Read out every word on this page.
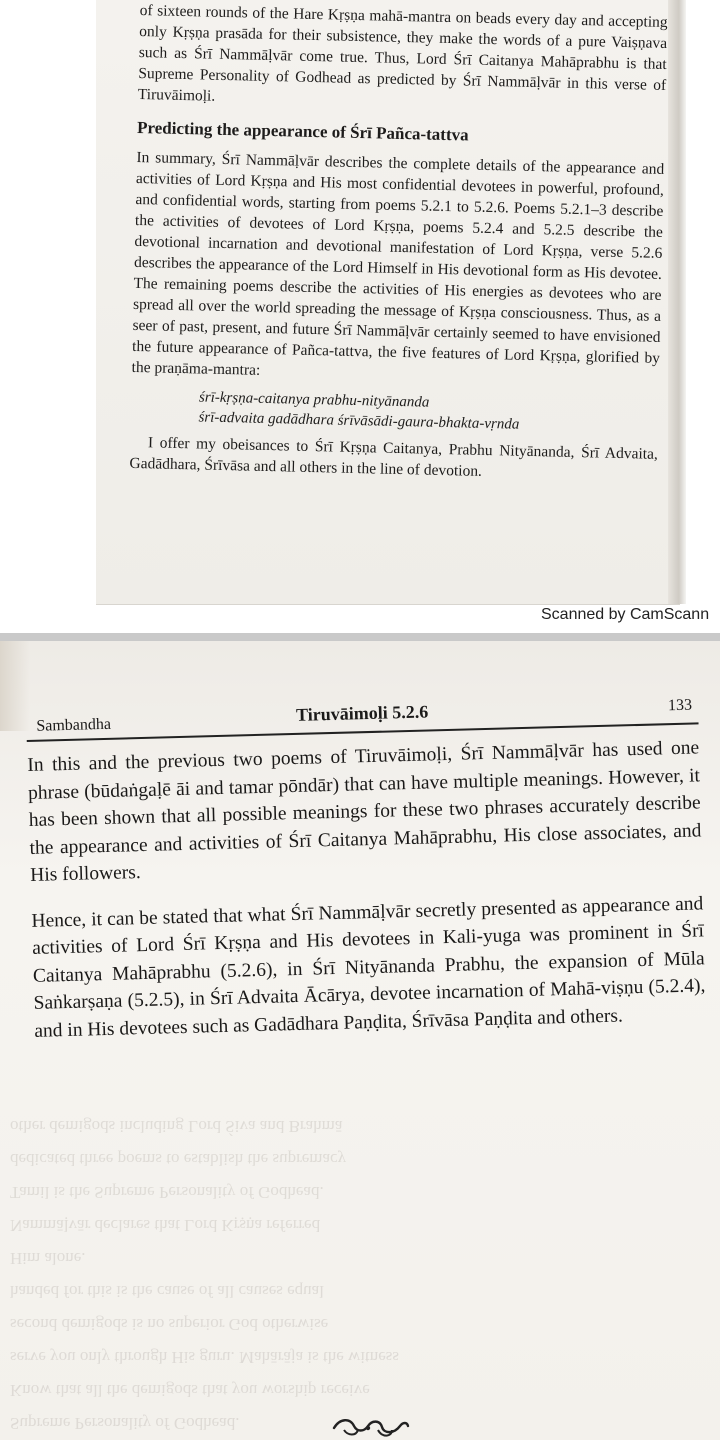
of sixteen rounds of the Hare Kṛṣṇa mahā-mantra on beads every day and accepting only Kṛṣṇa prasāda for their subsistence, they make the words of a pure Vaiṣṇava such as Śrī Nammāḷvār come true. Thus, Lord Śrī Caitanya Mahāprabhu is that Supreme Personality of Godhead as predicted by Śrī Nammāḷvār in this verse of Tiruvāimoḷi.

Predicting the appearance of Śrī Pañca-tattva

In summary, Śrī Nammāḷvār describes the complete details of the appearance and activities of Lord Kṛṣṇa and His most confidential devotees in powerful, profound, and confidential words, starting from poems 5.2.1 to 5.2.6. Poems 5.2.1–3 describe the activities of devotees of Lord Kṛṣṇa, poems 5.2.4 and 5.2.5 describe the devotional incarnation and devotional manifestation of Lord Kṛṣṇa, verse 5.2.6 describes the appearance of the Lord Himself in His devotional form as His devotee. The remaining poems describe the activities of His energies as devotees who are spread all over the world spreading the message of Kṛṣṇa consciousness. Thus, as a seer of past, present, and future Śrī Nammāḷvār certainly seemed to have envisioned the future appearance of Pañca-tattva, the five features of Lord Kṛṣṇa, glorified by the praṇāma-mantra:

śrī-kṛṣṇa-caitanya prabhu-nityānanda
śrī-advaita gadādhara śrīvāsādi-gaura-bhakta-vṛnda

I offer my obeisances to Śrī Kṛṣṇa Caitanya, Prabhu Nityānanda, Śrī Advaita, Gadādhara, Śrīvāsa and all others in the line of devotion.

Scanned by CamScann
Sambandha
Tiruvāimoḷi 5.2.6	133

In this and the previous two poems of Tiruvāimoḷi, Śrī Nammāḷvār has used one phrase (būdaṅgaḷē āi and tamar pōndār) that can have multiple meanings. However, it has been shown that all possible meanings for these two phrases accurately describe the appearance and activities of Śrī Caitanya Mahāprabhu, His close associates, and His followers.

Hence, it can be stated that what Śrī Nammāḷvār secretly presented as appearance and activities of Lord Śrī Kṛṣṇa and His devotees in Kali-yuga was prominent in Śrī Caitanya Mahāprabhu (5.2.6), in Śrī Nityānanda Prabhu, the expansion of Mūla Saṅkarṣaṇa (5.2.5), in Śrī Advaita Ācārya, devotee incarnation of Mahā-viṣṇu (5.2.4), and in His devotees such as Gadādhara Paṇḍita, Śrīvāsa Paṇḍita and others.

Supreme Personality of Godhead.
Know that all the demigods that you worship receive
serve you only through His guru. Mahārāja is the witness
second demigods is no superior God otherwise
handed for this is the cause of all causes equal
Him alone.
Nammāḷvār declares that Lord Kṛṣṇa referred
Tamil is the Supreme Personality of Godhead.
dedicated three poems to establish the supremacy
other demigods including Lord Śiva and Brahmā
